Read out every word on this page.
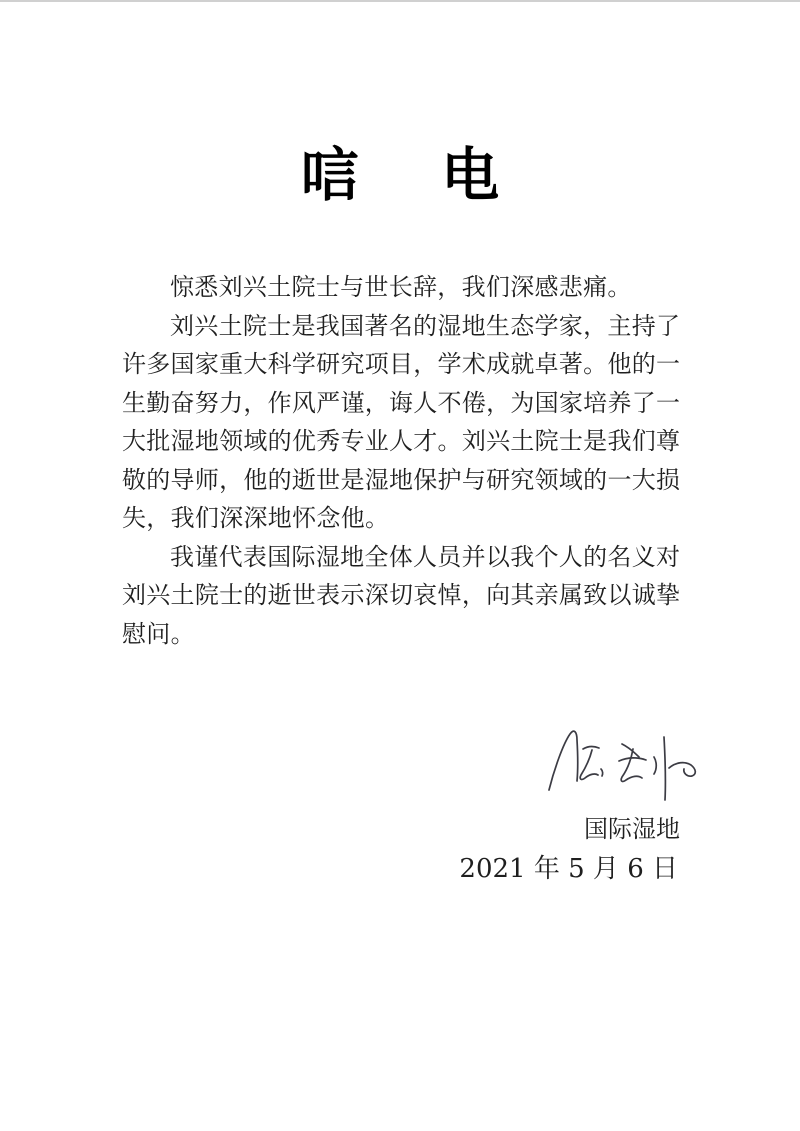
唁 电
惊悉刘兴土院士与世长辞，我们深感悲痛。
刘兴土院士是我国著名的湿地生态学家，主持了
许多国家重大科学研究项目，学术成就卓著。他的一
生勤奋努力，作风严谨，诲人不倦，为国家培养了一
大批湿地领域的优秀专业人才。刘兴土院士是我们尊
敬的导师，他的逝世是湿地保护与研究领域的一大损
失，我们深深地怀念他。
我谨代表国际湿地全体人员并以我个人的名义对
刘兴土院士的逝世表示深切哀悼，向其亲属致以诚挚
慰问。
国际湿地
2021 年 5 月 6 日
